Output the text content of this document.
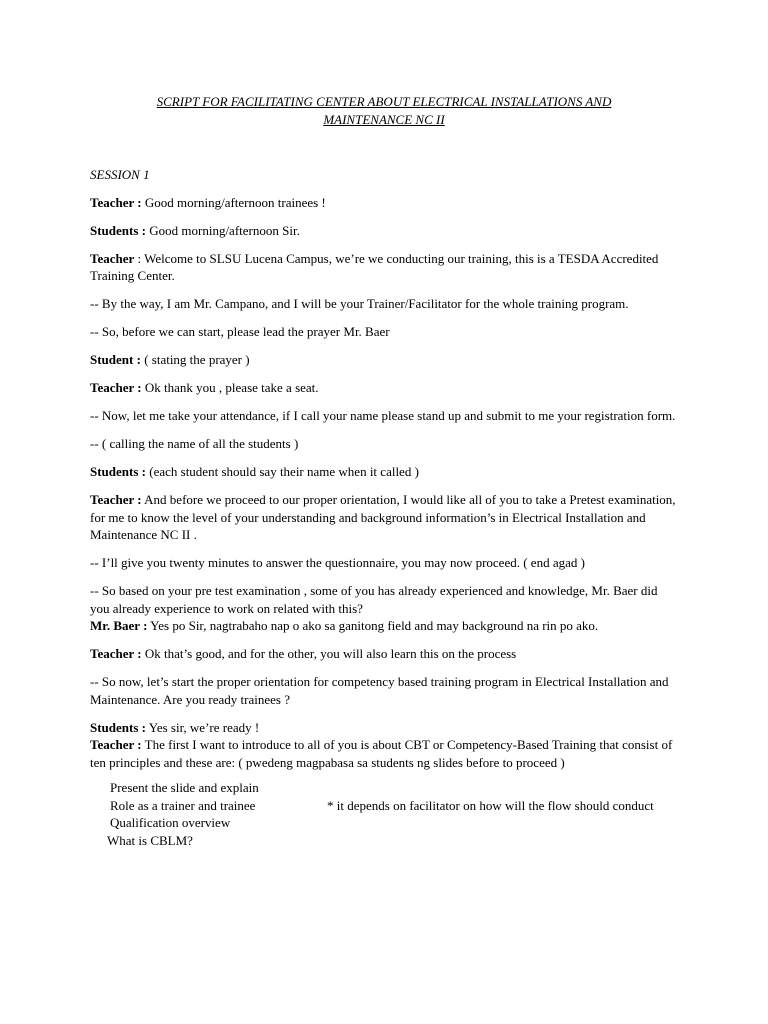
SCRIPT FOR FACILITATING CENTER ABOUT ELECTRICAL INSTALLATIONS AND
MAINTENANCE NC II
SESSION 1
Teacher : Good morning/afternoon trainees !
Students : Good morning/afternoon Sir.
Teacher : Welcome to SLSU Lucena Campus, we’re we conducting our training, this is a TESDA Accredited Training Center.
-- By the way, I am Mr. Campano, and I will be your Trainer/Facilitator for the whole training program.
-- So, before we can start, please lead the prayer Mr. Baer
Student : ( stating the prayer )
Teacher : Ok thank you , please take a seat.
-- Now, let me take your attendance, if I call your name please stand up and submit to me your registration form.
-- ( calling the name of all the students )
Students : (each student should say their name when it called )
Teacher : And before we proceed to our proper orientation, I would like all of you to take a Pretest examination, for me to know the level of your understanding and background information’s in Electrical Installation and Maintenance NC II .
-- I’ll give you twenty minutes to answer the questionnaire, you may now proceed. ( end agad )
-- So based on your pre test examination , some of you has already experienced and knowledge, Mr. Baer did you already experience to work on related with this?
Mr. Baer : Yes po Sir, nagtrabaho nap o ako sa ganitong field and may background na rin po ako.
Teacher : Ok that’s good, and for the other, you will also learn this on the process
-- So now, let’s start the proper orientation for competency based training program in Electrical Installation and Maintenance. Are you ready trainees ?
Students : Yes sir, we’re ready !
Teacher : The first I want to introduce to all of you is about CBT or Competency-Based Training that consist of ten principles and these are: ( pwedeng magpabasa sa students ng slides before to proceed )
Present the slide and explain
Role as a trainer and trainee	* it depends on facilitator on how will the flow should conduct
Qualification overview
What is CBLM?
